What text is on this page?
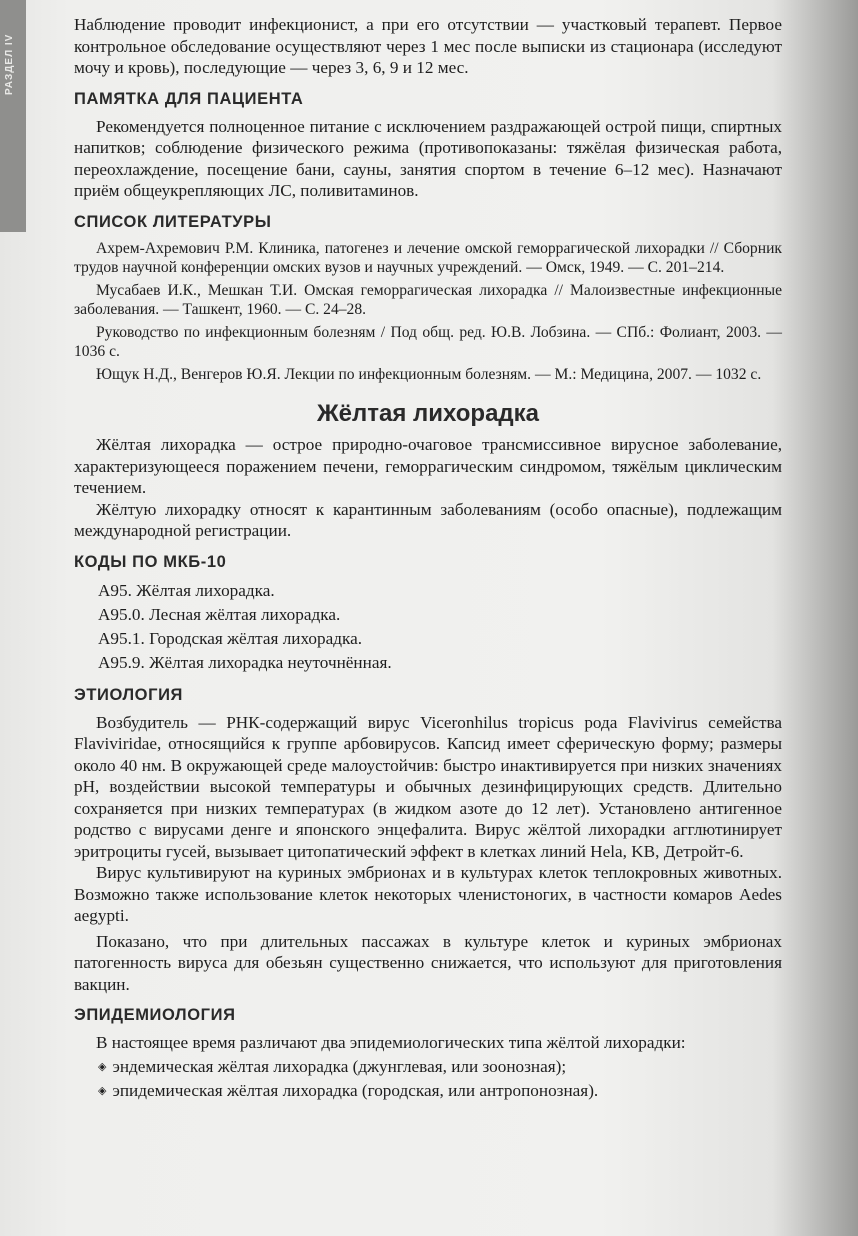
РАЗДЕЛ IV

Наблюдение проводит инфекционист, а при его отсутствии — участковый терапевт. Первое контрольное обследование осуществляют через 1 мес после выписки из стационара (исследуют мочу и кровь), последующие — через 3, 6, 9 и 12 мес.

ПАМЯТКА ДЛЯ ПАЦИЕНТА

Рекомендуется полноценное питание с исключением раздражающей острой пищи, спиртных напитков; соблюдение физического режима (противопоказаны: тяжёлая физическая работа, переохлаждение, посещение бани, сауны, занятия спортом в течение 6–12 мес). Назначают приём общеукрепляющих ЛС, поливитаминов.

СПИСОК ЛИТЕРАТУРЫ

Ахрем-Ахремович Р.М. Клиника, патогенез и лечение омской геморрагической лихорадки // Сборник трудов научной конференции омских вузов и научных учреждений. — Омск, 1949. — С. 201–214.

Мусабаев И.К., Мешкан Т.И. Омская геморрагическая лихорадка // Малоизвестные инфекционные заболевания. — Ташкент, 1960. — С. 24–28.

Руководство по инфекционным болезням / Под общ. ред. Ю.В. Лобзина. — СПб.: Фолиант, 2003. — 1036 с.

Ющук Н.Д., Венгеров Ю.Я. Лекции по инфекционным болезням. — М.: Медицина, 2007. — 1032 с.

Жёлтая лихорадка

Жёлтая лихорадка — острое природно-очаговое трансмиссивное вирусное заболевание, характеризующееся поражением печени, геморрагическим синдромом, тяжёлым циклическим течением.

Жёлтую лихорадку относят к карантинным заболеваниям (особо опасные), подлежащим международной регистрации.

КОДЫ ПО МКБ-10
A95. Жёлтая лихорадка.
A95.0. Лесная жёлтая лихорадка.
A95.1. Городская жёлтая лихорадка.
A95.9. Жёлтая лихорадка неуточнённая.
ЭТИОЛОГИЯ

Возбудитель — РНК-содержащий вирус Viceronhilus tropicus рода Flavivirus семейства Flaviviridae, относящийся к группе арбовирусов. Капсид имеет сферическую форму; размеры около 40 нм. В окружающей среде малоустойчив: быстро инактивируется при низких значениях pH, воздействии высокой температуры и обычных дезинфицирующих средств. Длительно сохраняется при низких температурах (в жидком азоте до 12 лет). Установлено антигенное родство с вирусами денге и японского энцефалита. Вирус жёлтой лихорадки агглютинирует эритроциты гусей, вызывает цитопатический эффект в клетках линий Hela, KB, Детройт-6.

Вирус культивируют на куриных эмбрионах и в культурах клеток теплокровных животных. Возможно также использование клеток некоторых членистоногих, в частности комаров Aedes aegypti.

Показано, что при длительных пассажах в культуре клеток и куриных эмбрионах патогенность вируса для обезьян существенно снижается, что используют для приготовления вакцин.

ЭПИДЕМИОЛОГИЯ

В настоящее время различают два эпидемиологических типа жёлтой лихорадки:

◈ эндемическая жёлтая лихорадка (джунглевая, или зоонозная);
◈ эпидемическая жёлтая лихорадка (городская, или антропонозная).
